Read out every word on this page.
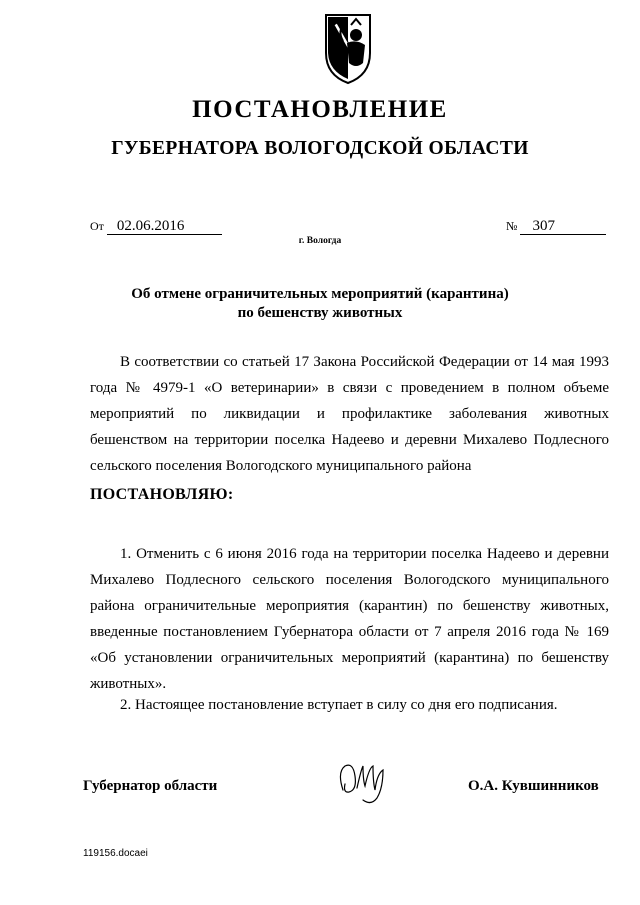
ПОСТАНОВЛЕНИЕ
ГУБЕРНАТОРА ВОЛОГОДСКОЙ ОБЛАСТИ
От 02.06.2016	№ 307
г. Вологда
Об отмене ограничительных мероприятий (карантина)
по бешенству животных
В соответствии со статьей 17 Закона Российской Федерации от 14 мая 1993 года № 4979-1 «О ветеринарии» в связи с проведением в полном объеме мероприятий по ликвидации и профилактике заболевания животных бешенством на территории поселка Надеево и деревни Михалево Подлесного сельского поселения Вологодского муниципального района
ПОСТАНОВЛЯЮ:
1. Отменить с 6 июня 2016 года на территории поселка Надеево и деревни Михалево Подлесного сельского поселения Вологодского муниципального района ограничительные мероприятия (карантин) по бешенству животных, введенные постановлением Губернатора области от 7 апреля 2016 года № 169 «Об установлении ограничительных мероприятий (карантина) по бешенству животных».
2. Настоящее постановление вступает в силу со дня его подписания.
Губернатор области	О.А. Кувшинников
119156.docaei
